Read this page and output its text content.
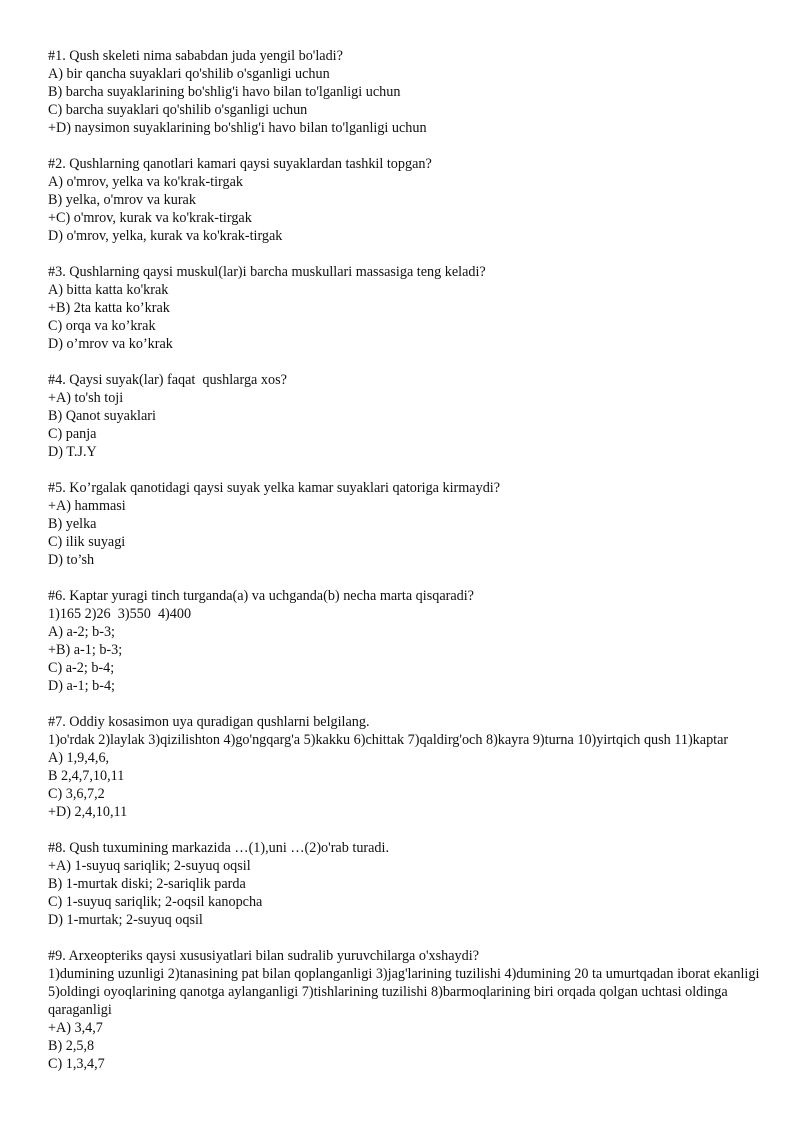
#1. Qush skeleti nima sababdan juda yengil bo'ladi?
A) bir qancha suyaklari qo'shilib o'sganligi uchun
B) barcha suyaklarining bo'shlig'i havo bilan to'lganligi uchun
C) barcha suyaklari qo'shilib o'sganligi uchun
+D) naysimon suyaklarining bo'shlig'i havo bilan to'lganligi uchun
#2. Qushlarning qanotlari kamari qaysi suyaklardan tashkil topgan?
A) o'mrov, yelka va ko'krak-tirgak
B) yelka, o'mrov va kurak
+C) o'mrov, kurak va ko'krak-tirgak
D) o'mrov, yelka, kurak va ko'krak-tirgak
#3. Qushlarning qaysi muskul(lar)i barcha muskullari massasiga teng keladi?
A) bitta katta ko'krak
+B) 2ta katta ko’krak
C) orqa va ko’krak
D) o’mrov va ko’krak
#4. Qaysi suyak(lar) faqat  qushlarga xos?
+A) to'sh toji
B) Qanot suyaklari
C) panja
D) T.J.Y
#5. Ko’rgalak qanotidagi qaysi suyak yelka kamar suyaklari qatoriga kirmaydi?
+A) hammasi
B) yelka
C) ilik suyagi
D) to’sh
#6. Kaptar yuragi tinch turganda(a) va uchganda(b) necha marta qisqaradi?
1)165 2)26  3)550  4)400
A) a-2; b-3;
+B) a-1; b-3;
C) a-2; b-4;
D) a-1; b-4;
#7. Oddiy kosasimon uya quradigan qushlarni belgilang.
1)o'rdak 2)laylak 3)qizilishton 4)go'ngqarg'a 5)kakku 6)chittak 7)qaldirg'och 8)kayra 9)turna 10)yirtqich qush 11)kaptar
A) 1,9,4,6,
B 2,4,7,10,11
C) 3,6,7,2
+D) 2,4,10,11
#8. Qush tuxumining markazida …(1),uni …(2)o'rab turadi.
+A) 1-suyuq sariqlik; 2-suyuq oqsil
B) 1-murtak diski; 2-sariqlik parda
C) 1-suyuq sariqlik; 2-oqsil kanopcha
D) 1-murtak; 2-suyuq oqsil
#9. Arxeopteriks qaysi xususiyatlari bilan sudralib yuruvchilarga o'xshaydi?
1)dumining uzunligi 2)tanasining pat bilan qoplanganligi 3)jag'larining tuzilishi 4)dumining 20 ta umurtqadan iborat ekanligi 5)oldingi oyoqlarining qanotga aylanganligi 7)tishlarining tuzilishi 8)barmoqlarining biri orqada qolgan uchtasi oldinga qaraganligi
+A) 3,4,7
B) 2,5,8
C) 1,3,4,7
